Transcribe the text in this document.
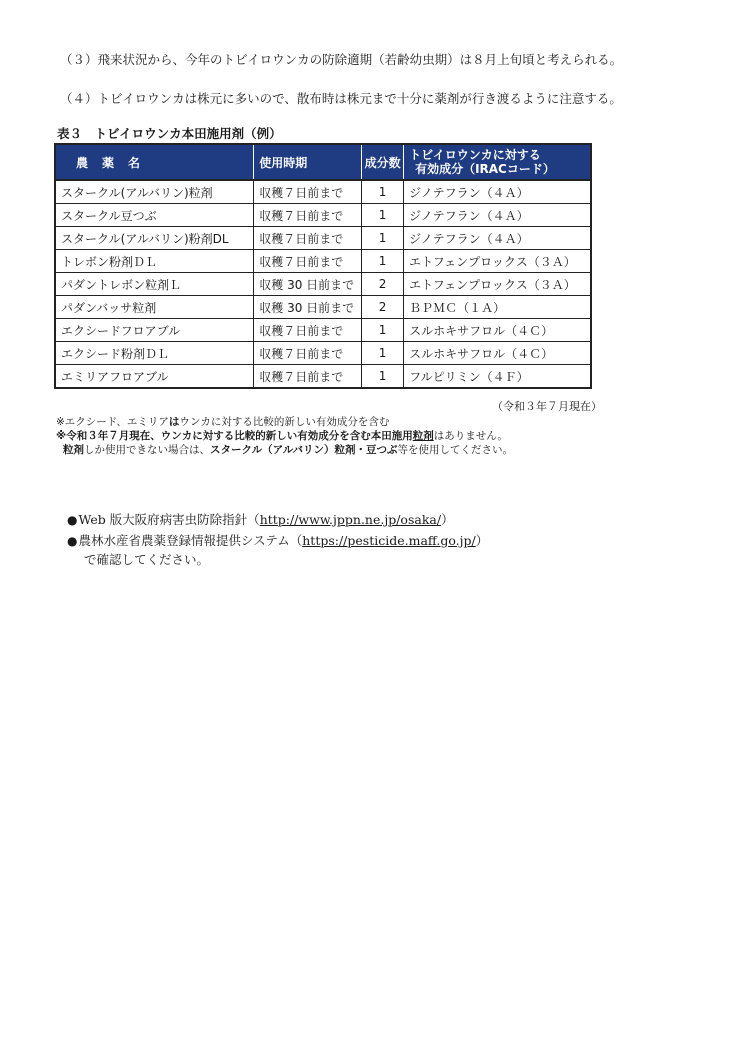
（３）飛来状況から、今年のトビイロウンカの防除適期（若齢幼虫期）は８月上旬頃と考えられる。
（４）トビイロウンカは株元に多いので、散布時は株元まで十分に薬剤が行き渡るように注意する。
表３　トビイロウンカ本田施用剤（例）
農薬名	使用時期	成分数	トビイロウンカに対する
有効成分（IRACコード）

スタークル(アルバリン)粒剤	収穫７日前まで	1	ジノテフラン（４Ａ）
スタークル豆つぶ	収穫７日前まで	1	ジノテフラン（４Ａ）
スタークル(アルバリン)粉剤DL	収穫７日前まで	1	ジノテフラン（４Ａ）
トレボン粉剤ＤＬ	収穫７日前まで	1	エトフェンプロックス（３Ａ）
パダントレボン粒剤Ｌ	収穫 30 日前まで	2	エトフェンプロックス（３Ａ）
パダンバッサ粒剤	収穫 30 日前まで	2	ＢＰＭＣ（１Ａ）
エクシードフロアブル	収穫７日前まで	1	スルホキサフロル（４Ｃ）
エクシード粉剤ＤＬ	収穫７日前まで	1	スルホキサフロル（４Ｃ）
エミリアフロアブル	収穫７日前まで	1	フルピリミン（４Ｆ）
（令和３年７月現在）
※エクシード、エミリアはウンカに対する比較的新しい有効成分を含む
※令和３年７月現在、ウンカに対する比較的新しい有効成分を含む本田施用粒剤はありません。
粒剤しか使用できない場合は、スタークル（アルバリン）粒剤・豆つぶ等を使用してください。
●Web 版大阪府病害虫防除指針（http://www.jppn.ne.jp/osaka/）
●農林水産省農薬登録情報提供システム（https://pesticide.maff.go.jp/）
で確認してください。
